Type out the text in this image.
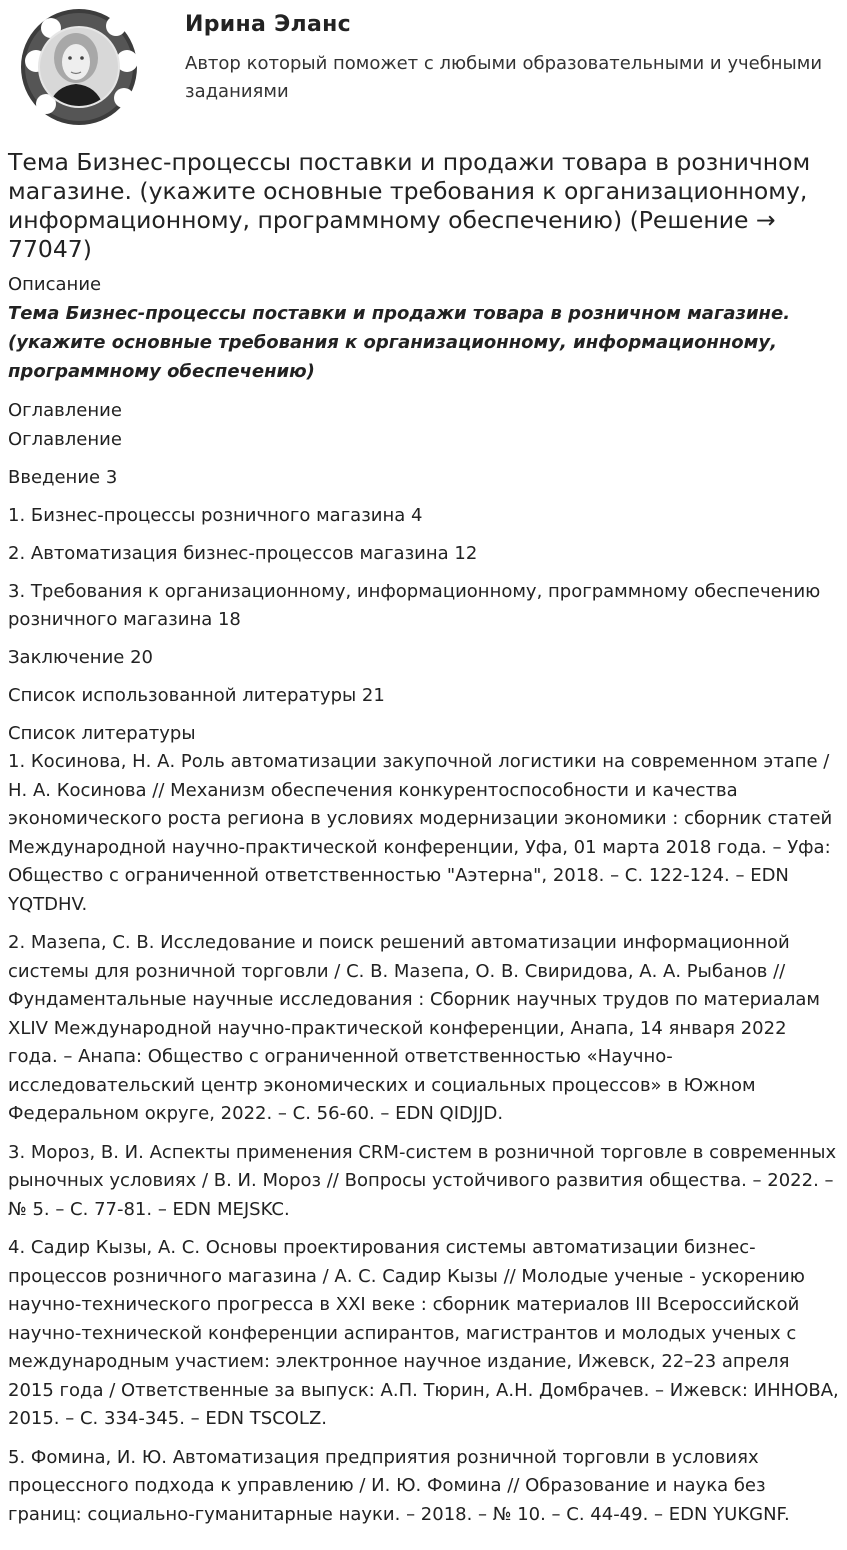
Ирина Эланс
Автор который поможет с любыми образовательными и учебными заданиями
Тема Бизнес-процессы поставки и продажи товара в розничном магазине. (укажите основные требования к организационному, информационному, программному обеспечению) (Решение → 77047)

Описание

Тема Бизнес-процессы поставки и продажи товара в розничном магазине. (укажите основные требования к организационному, информационному, программному обеспечению)

Оглавление

Оглавление

Введение 3

1. Бизнес-процессы розничного магазина 4

2. Автоматизация бизнес-процессов магазина 12

3. Требования к организационному, информационному, программному обеспечению розничного магазина 18

Заключение 20

Список использованной литературы 21

Список литературы

1. Косинова, Н. А. Роль автоматизации закупочной логистики на современном этапе / Н. А. Косинова // Механизм обеспечения конкурентоспособности и качества экономического роста региона в условиях модернизации экономики : сборник статей Международной научно-практической конференции, Уфа, 01 марта 2018 года. – Уфа: Общество с ограниченной ответственностью "Аэтерна", 2018. – С. 122-124. – EDN YQTDHV.

2. Мазепа, С. В. Исследование и поиск решений автоматизации информационной системы для розничной торговли / С. В. Мазепа, О. В. Свиридова, А. А. Рыбанов // Фундаментальные научные исследования : Сборник научных трудов по материалам XLIV Международной научно-практической конференции, Анапа, 14 января 2022 года. – Анапа: Общество с ограниченной ответственностью «Научно-исследовательский центр экономических и социальных процессов» в Южном Федеральном округе, 2022. – С. 56-60. – EDN QIDJJD.

3. Мороз, В. И. Аспекты применения CRM-систем в розничной торговле в современных рыночных условиях / В. И. Мороз // Вопросы устойчивого развития общества. – 2022. – № 5. – С. 77-81. – EDN MEJSKC.

4. Садир Кызы, А. С. Основы проектирования системы автоматизации бизнес-процессов розничного магазина / А. С. Садир Кызы // Молодые ученые - ускорению научно-технического прогресса в XXI веке : сборник материалов III Всероссийской научно-технической конференции аспирантов, магистрантов и молодых ученых с международным участием: электронное научное издание, Ижевск, 22–23 апреля 2015 года / Ответственные за выпуск: А.П. Тюрин, А.Н. Домбрачев. – Ижевск: ИННОВА, 2015. – С. 334-345. – EDN TSCOLZ.

5. Фомина, И. Ю. Автоматизация предприятия розничной торговли в условиях процессного подхода к управлению / И. Ю. Фомина // Образование и наука без границ: социально-гуманитарные науки. – 2018. – № 10. – С. 44-49. – EDN YUKGNF.
